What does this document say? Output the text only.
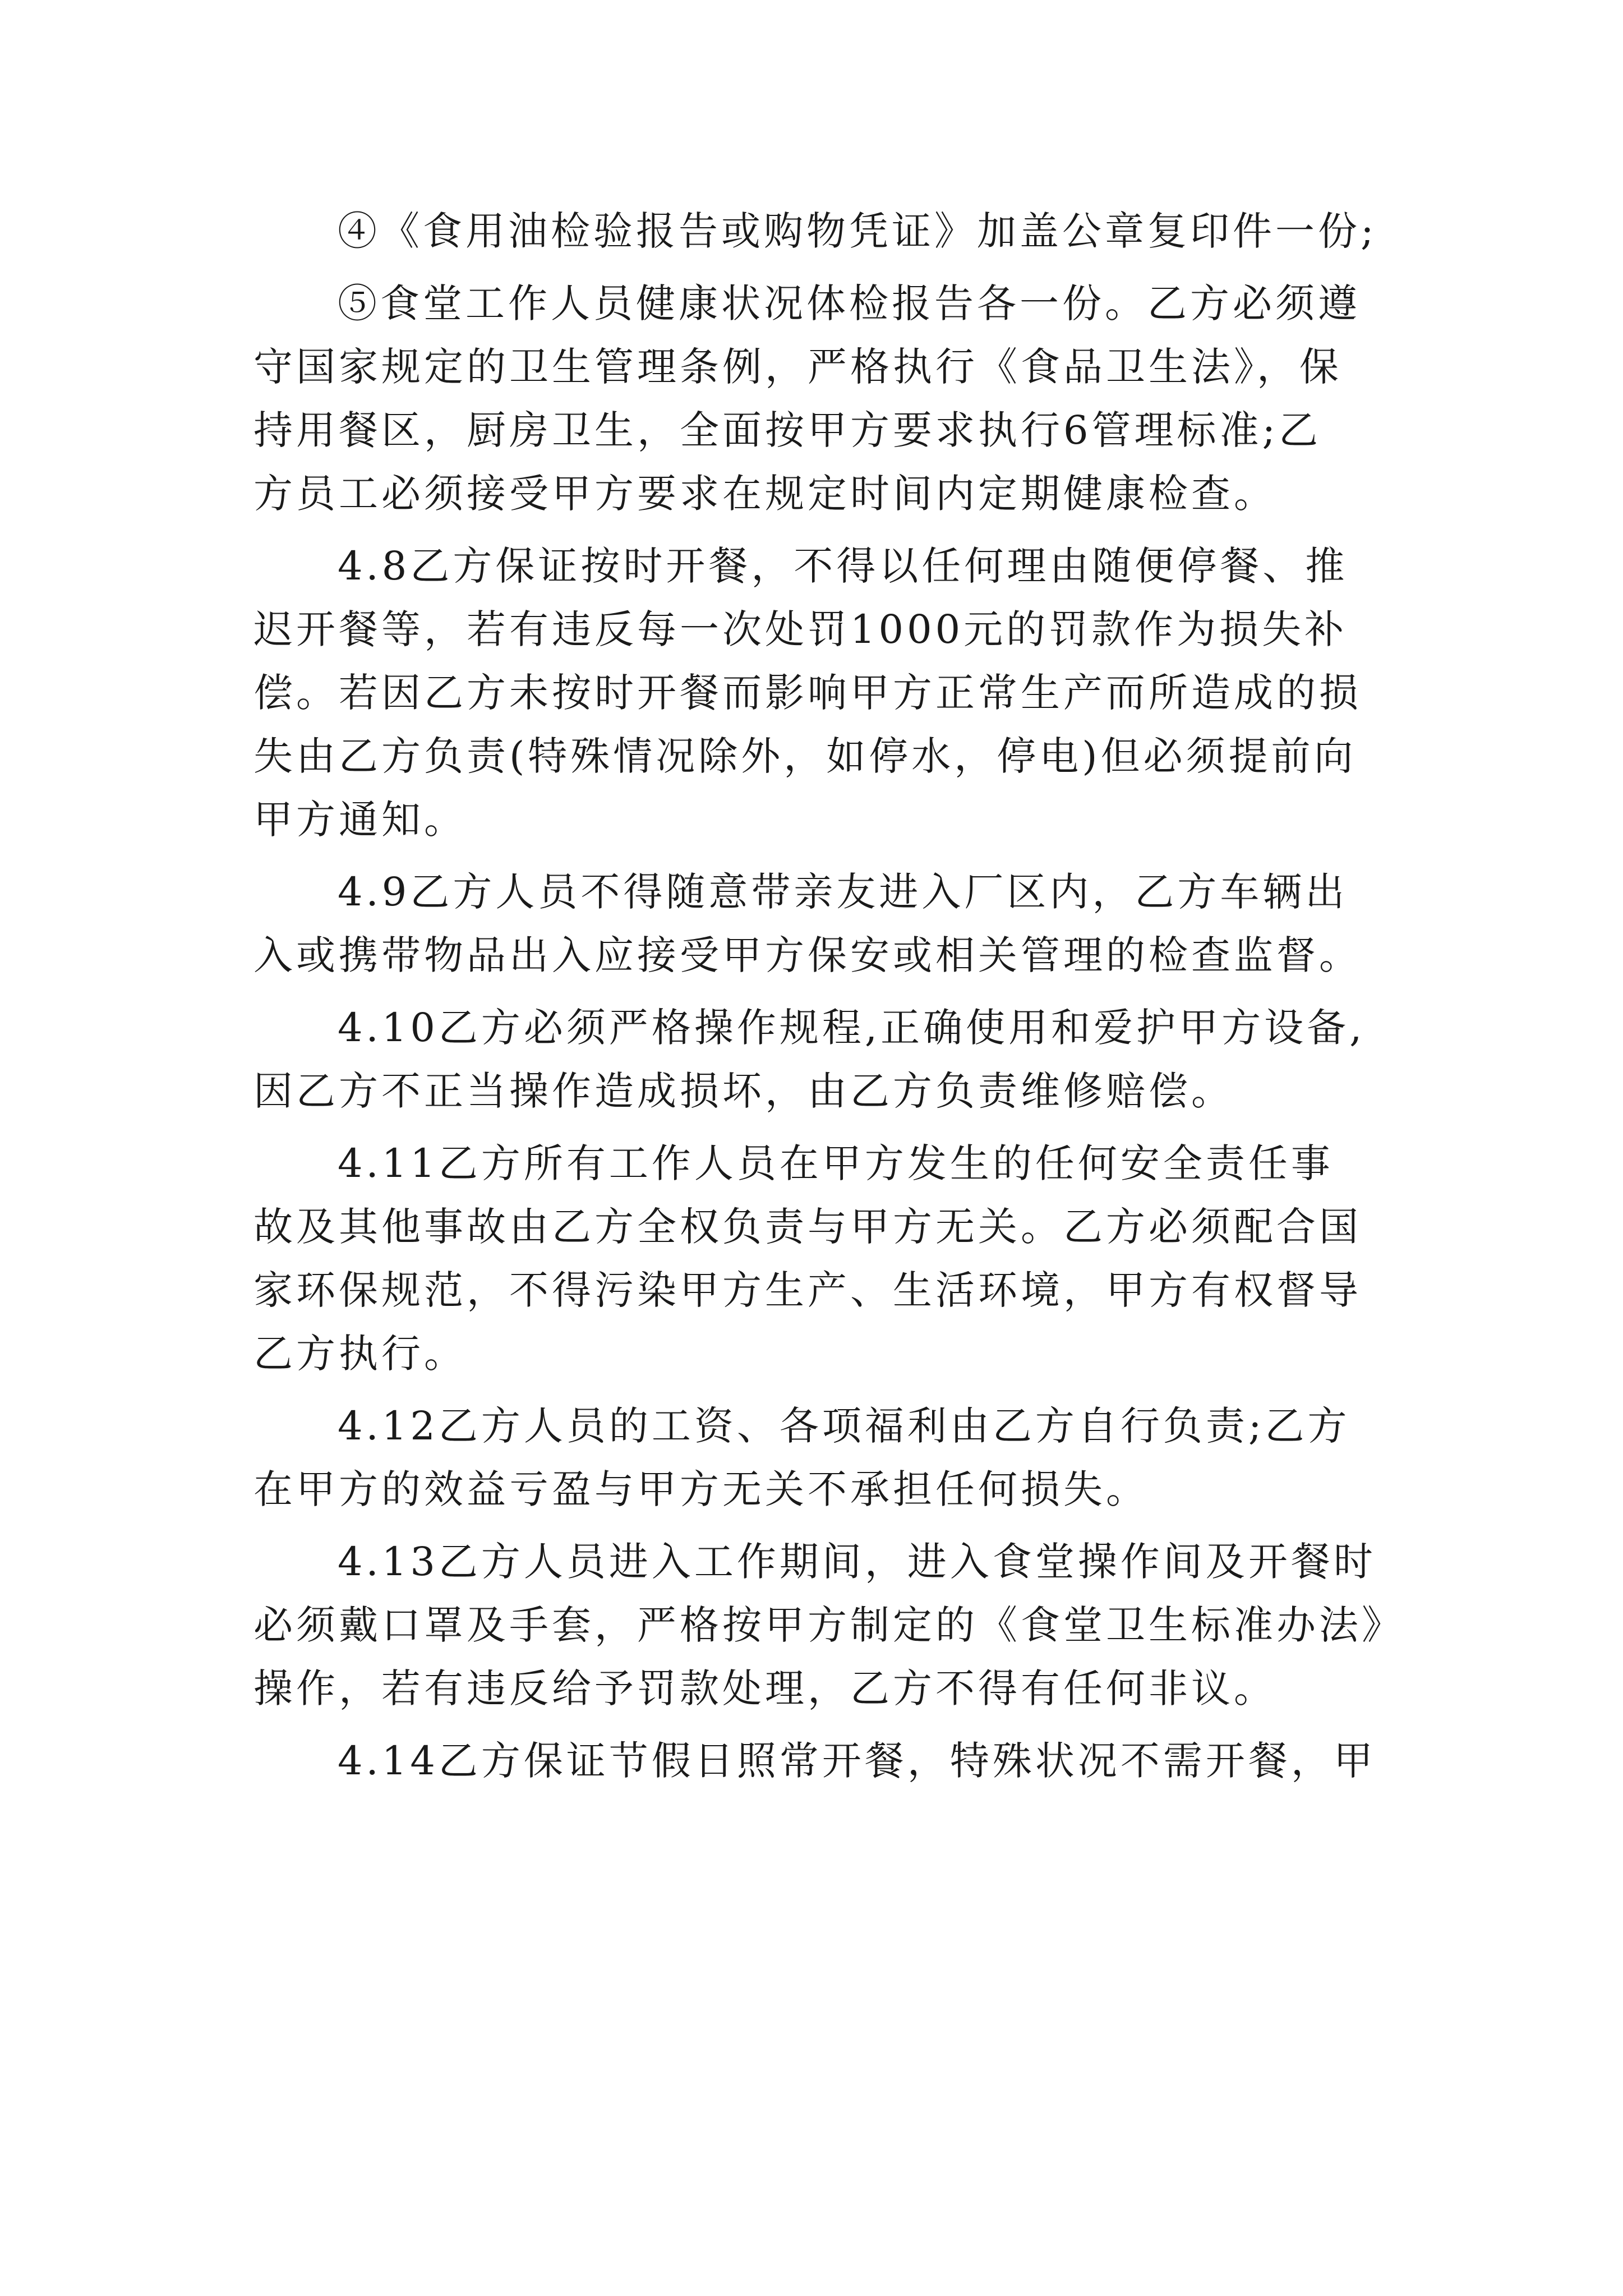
④《食用油检验报告或购物凭证》加盖公章复印件一份;

⑤食堂工作人员健康状况体检报告各一份。乙方必须遵
守国家规定的卫生管理条例，严格执行《食品卫生法》，保
持用餐区，厨房卫生，全面按甲方要求执行6管理标准;乙
方员工必须接受甲方要求在规定时间内定期健康检查。

4.8乙方保证按时开餐，不得以任何理由随便停餐、推
迟开餐等，若有违反每一次处罚1000元的罚款作为损失补
偿。若因乙方未按时开餐而影响甲方正常生产而所造成的损
失由乙方负责(特殊情况除外，如停水，停电)但必须提前向
甲方通知。

4.9乙方人员不得随意带亲友进入厂区内，乙方车辆出
入或携带物品出入应接受甲方保安或相关管理的检查监督。

4.10乙方必须严格操作规程,正确使用和爱护甲方设备,
因乙方不正当操作造成损坏，由乙方负责维修赔偿。

4.11乙方所有工作人员在甲方发生的任何安全责任事
故及其他事故由乙方全权负责与甲方无关。乙方必须配合国
家环保规范，不得污染甲方生产、生活环境，甲方有权督导
乙方执行。

4.12乙方人员的工资、各项福利由乙方自行负责;乙方
在甲方的效益亏盈与甲方无关不承担任何损失。

4.13乙方人员进入工作期间，进入食堂操作间及开餐时
必须戴口罩及手套，严格按甲方制定的《食堂卫生标准办法》
操作，若有违反给予罚款处理，乙方不得有任何非议。

4.14乙方保证节假日照常开餐，特殊状况不需开餐，甲
